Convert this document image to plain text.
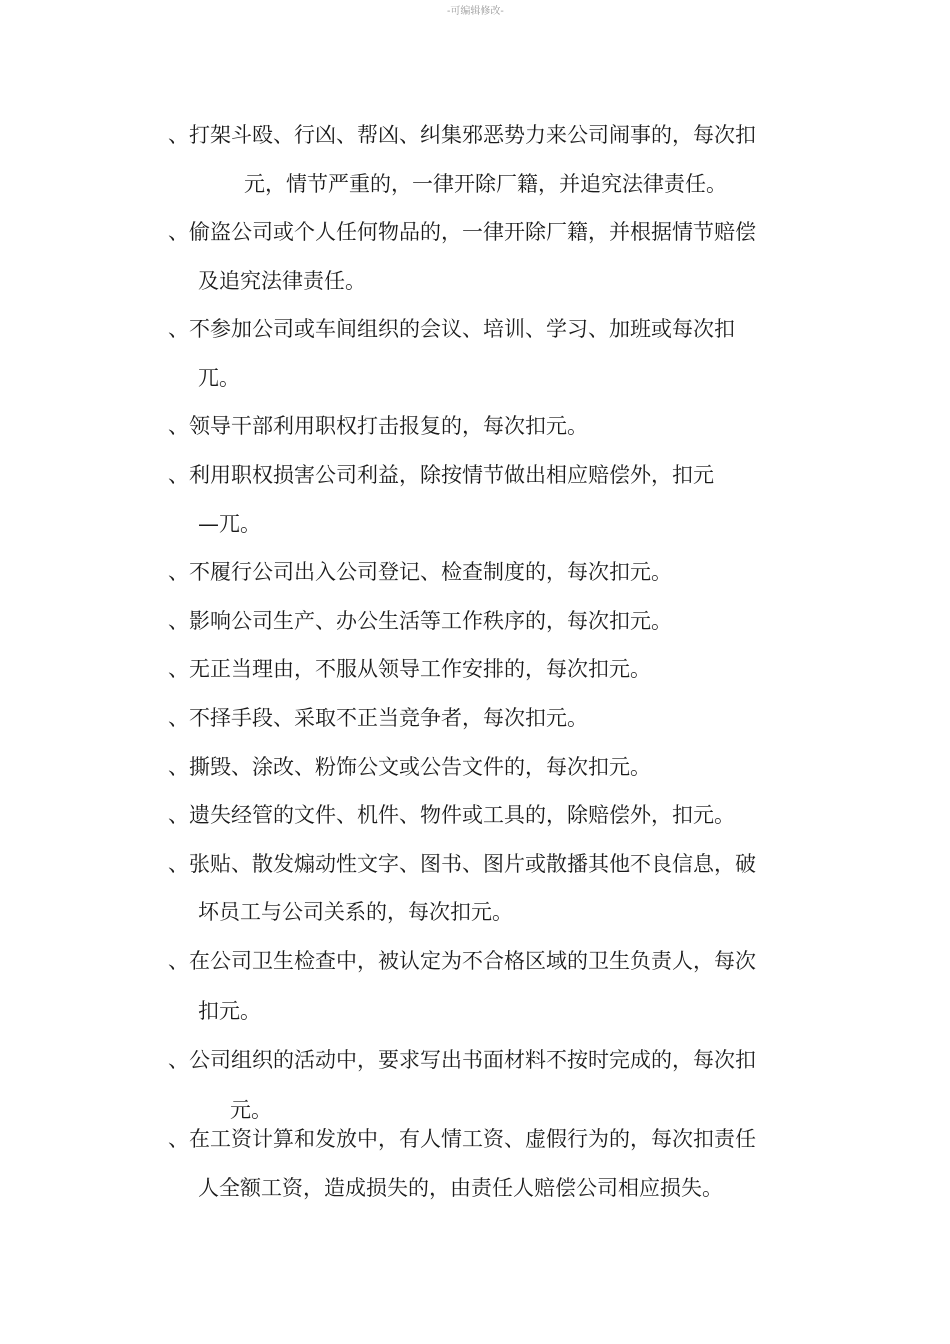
-可编辑修改-
、打架斗殴、行凶、帮凶、纠集邪恶势力来公司闹事的，每次扣
元，情节严重的，一律开除厂籍，并追究法律责任。
、偷盗公司或个人任何物品的，一律开除厂籍，并根据情节赔偿
及追究法律责任。
、不参加公司或车间组织的会议、培训、学习、加班或每次扣
兀。
、领导干部利用职权打击报复的，每次扣元。
、利用职权损害公司利益，除按情节做出相应赔偿外，扣元
—兀。
、不履行公司出入公司登记、检查制度的，每次扣元。
、影响公司生产、办公生活等工作秩序的，每次扣元。
、无正当理由，不服从领导工作安排的，每次扣元。
、不择手段、采取不正当竞争者，每次扣元。
、撕毁、涂改、粉饰公文或公告文件的，每次扣元。
、遗失经管的文件、机件、物件或工具的，除赔偿外，扣元。
、张贴、散发煽动性文字、图书、图片或散播其他不良信息，破
坏员工与公司关系的，每次扣元。
、在公司卫生检查中，被认定为不合格区域的卫生负责人，每次
扣元。
、公司组织的活动中，要求写出书面材料不按时完成的，每次扣
元。
、在工资计算和发放中，有人情工资、虚假行为的，每次扣责任
人全额工资，造成损失的，由责任人赔偿公司相应损失。
